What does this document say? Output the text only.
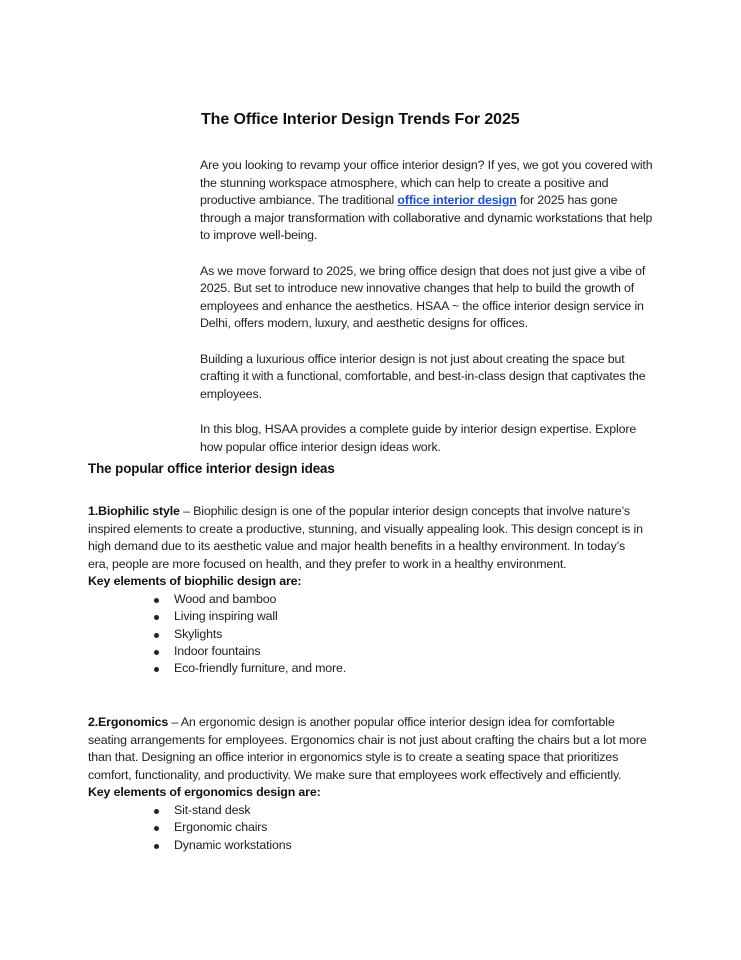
The Office Interior Design Trends For 2025

Are you looking to revamp your office interior design? If yes, we got you covered with the stunning workspace atmosphere, which can help to create a positive and productive ambiance. The traditional office interior design for 2025 has gone through a major transformation with collaborative and dynamic workstations that help to improve well-being.

As we move forward to 2025, we bring office design that does not just give a vibe of 2025. But set to introduce new innovative changes that help to build the growth of employees and enhance the aesthetics. HSAA ~ the office interior design service in Delhi, offers modern, luxury, and aesthetic designs for offices.

Building a luxurious office interior design is not just about creating the space but crafting it with a functional, comfortable, and best-in-class design that captivates the employees.

In this blog, HSAA provides a complete guide by interior design expertise. Explore how popular office interior design ideas work.

The popular office interior design ideas

1.Biophilic style – Biophilic design is one of the popular interior design concepts that involve nature’s inspired elements to create a productive, stunning, and visually appealing look. This design concept is in high demand due to its aesthetic value and major health benefits in a healthy environment. In today’s era, people are more focused on health, and they prefer to work in a healthy environment.

Key elements of biophilic design are:

Wood and bamboo
Living inspiring wall
Skylights
Indoor fountains
Eco-friendly furniture, and more.

2.Ergonomics – An ergonomic design is another popular office interior design idea for comfortable seating arrangements for employees. Ergonomics chair is not just about crafting the chairs but a lot more than that. Designing an office interior in ergonomics style is to create a seating space that prioritizes comfort, functionality, and productivity. We make sure that employees work effectively and efficiently.

Key elements of ergonomics design are:

Sit-stand desk
Ergonomic chairs
Dynamic workstations
